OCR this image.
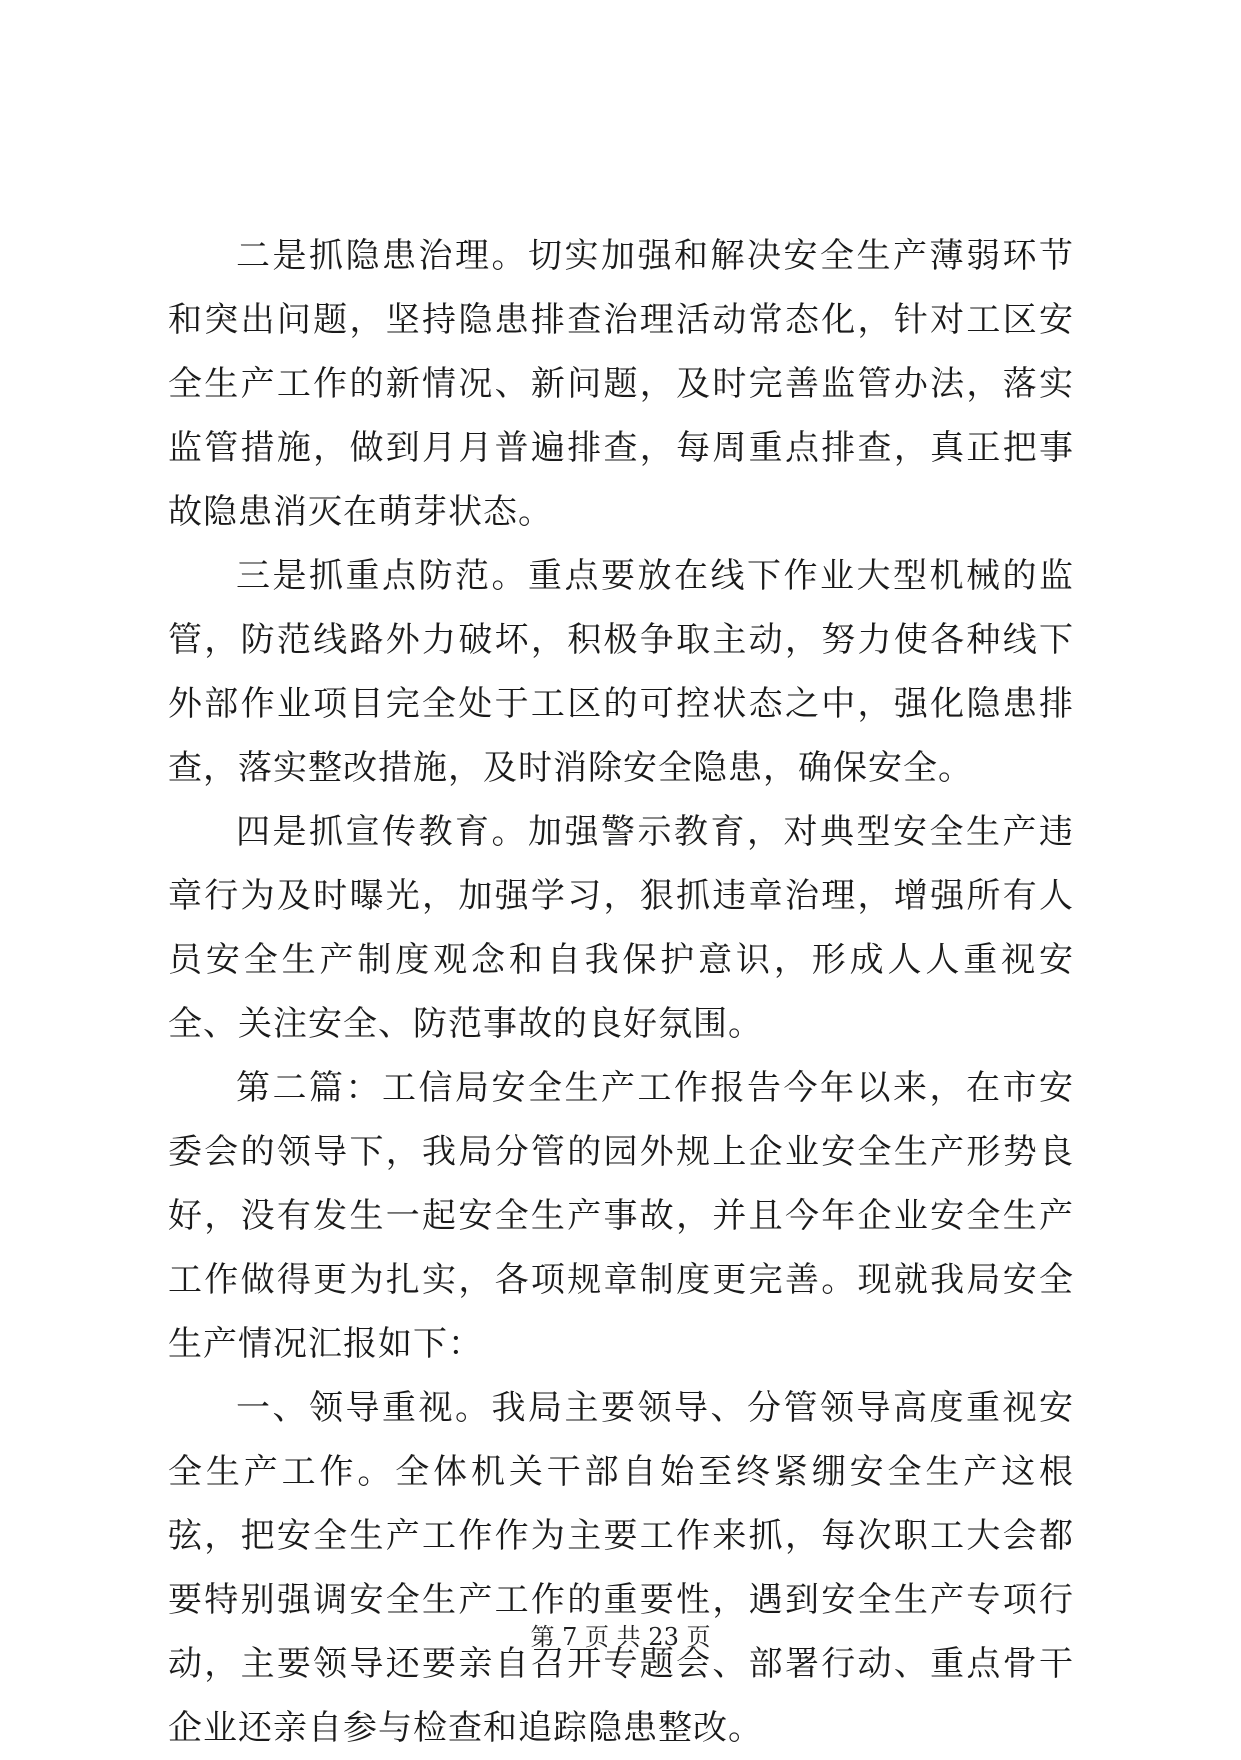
二是抓隐患治理。切实加强和解决安全生产薄弱环节和突出问题，坚持隐患排查治理活动常态化，针对工区安全生产工作的新情况、新问题，及时完善监管办法，落实监管措施，做到月月普遍排查，每周重点排查，真正把事故隐患消灭在萌芽状态。

三是抓重点防范。重点要放在线下作业大型机械的监管，防范线路外力破坏，积极争取主动，努力使各种线下外部作业项目完全处于工区的可控状态之中，强化隐患排查，落实整改措施，及时消除安全隐患，确保安全。

四是抓宣传教育。加强警示教育，对典型安全生产违章行为及时曝光，加强学习，狠抓违章治理，增强所有人员安全生产制度观念和自我保护意识，形成人人重视安全、关注安全、防范事故的良好氛围。

第二篇：工信局安全生产工作报告今年以来，在市安委会的领导下，我局分管的园外规上企业安全生产形势良好，没有发生一起安全生产事故，并且今年企业安全生产工作做得更为扎实，各项规章制度更完善。现就我局安全生产情况汇报如下：

一、领导重视。我局主要领导、分管领导高度重视安全生产工作。全体机关干部自始至终紧绷安全生产这根弦，把安全生产工作作为主要工作来抓，每次职工大会都要特别强调安全生产工作的重要性，遇到安全生产专项行动，主要领导还要亲自召开专题会、部署行动、重点骨干企业还亲自参与检查和追踪隐患整改。

第 7 页 共 23 页
